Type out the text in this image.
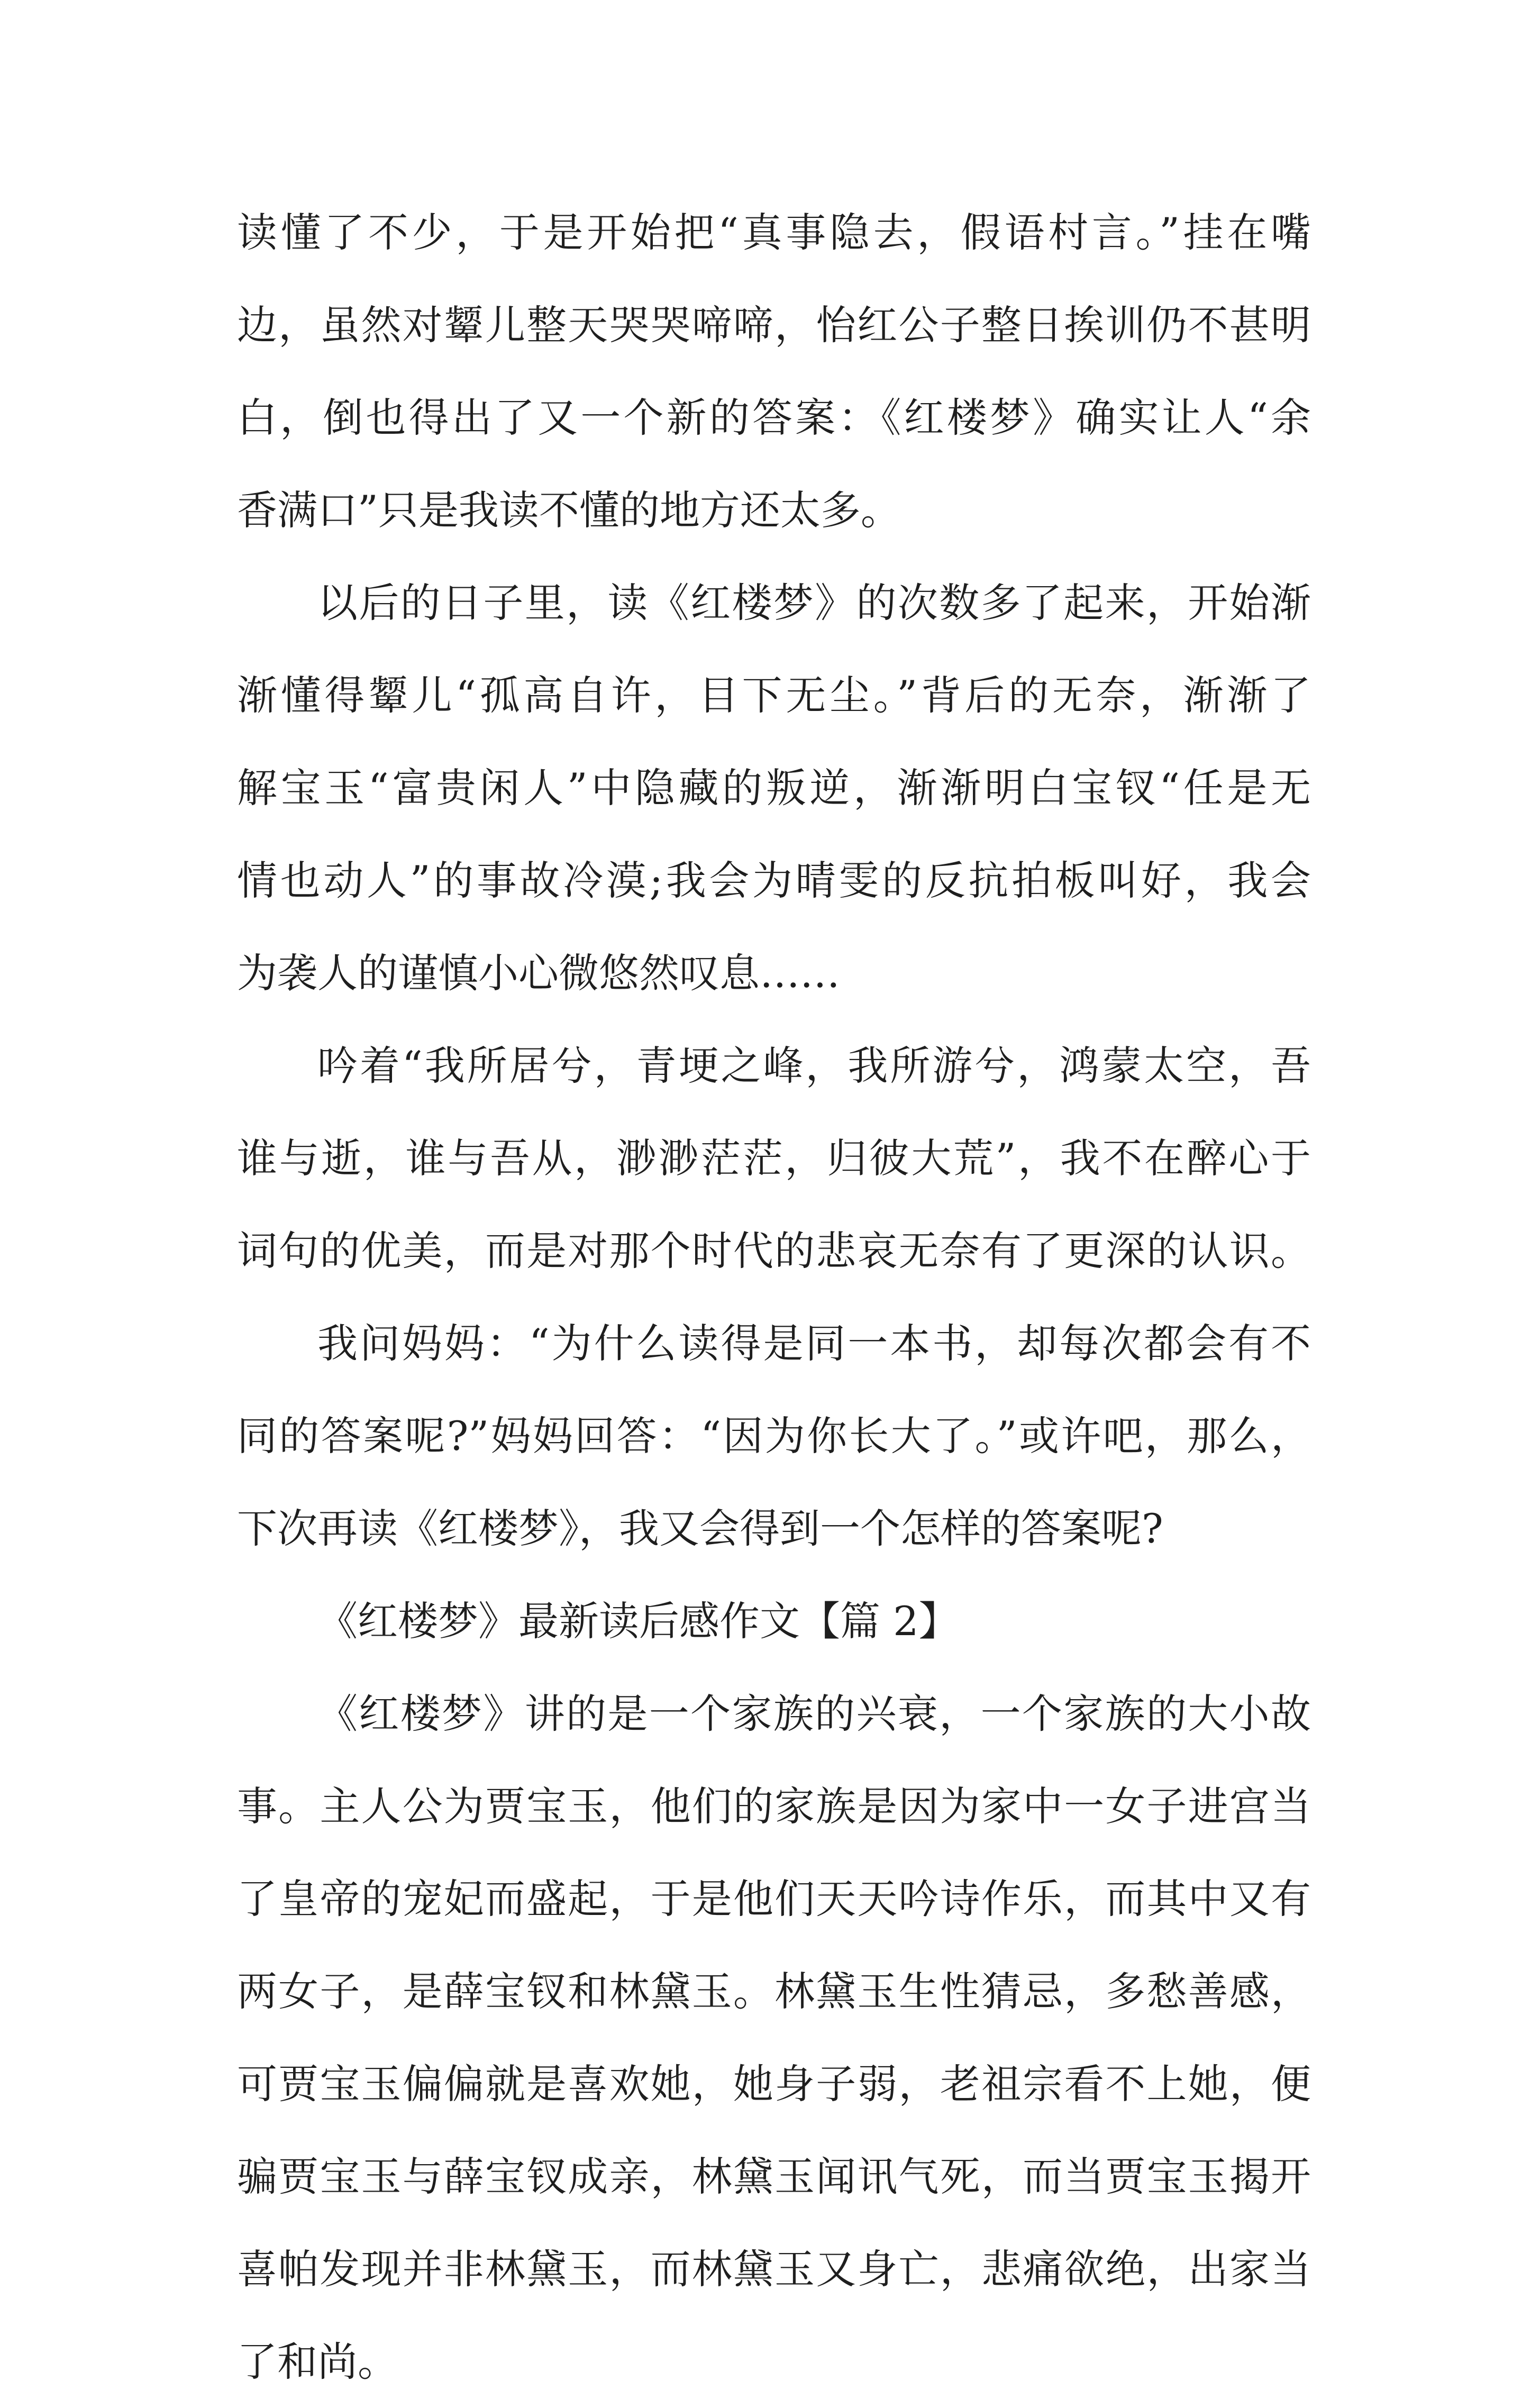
读懂了不少，于是开始把“真事隐去，假语村言。”挂在嘴
边，虽然对颦儿整天哭哭啼啼，怡红公子整日挨训仍不甚明
白，倒也得出了又一个新的答案：《红楼梦》确实让人“余
香满口”只是我读不懂的地方还太多。
以后的日子里，读《红楼梦》的次数多了起来，开始渐
渐懂得颦儿“孤高自许，目下无尘。”背后的无奈，渐渐了
解宝玉“富贵闲人”中隐藏的叛逆，渐渐明白宝钗“任是无
情也动人”的事故冷漠;我会为晴雯的反抗拍板叫好，我会
为袭人的谨慎小心微悠然叹息……
吟着“我所居兮，青埂之峰，我所游兮，鸿蒙太空，吾
谁与逝，谁与吾从，渺渺茫茫，归彼大荒”，我不在醉心于
词句的优美，而是对那个时代的悲哀无奈有了更深的认识。
我问妈妈：“为什么读得是同一本书，却每次都会有不
同的答案呢?”妈妈回答：“因为你长大了。”或许吧，那么，
下次再读《红楼梦》，我又会得到一个怎样的答案呢?
《红楼梦》最新读后感作文【篇 2】
《红楼梦》讲的是一个家族的兴衰，一个家族的大小故
事。主人公为贾宝玉，他们的家族是因为家中一女子进宫当
了皇帝的宠妃而盛起，于是他们天天吟诗作乐，而其中又有
两女子，是薛宝钗和林黛玉。林黛玉生性猜忌，多愁善感，
可贾宝玉偏偏就是喜欢她，她身子弱，老祖宗看不上她，便
骗贾宝玉与薛宝钗成亲，林黛玉闻讯气死，而当贾宝玉揭开
喜帕发现并非林黛玉，而林黛玉又身亡，悲痛欲绝，出家当
了和尚。
